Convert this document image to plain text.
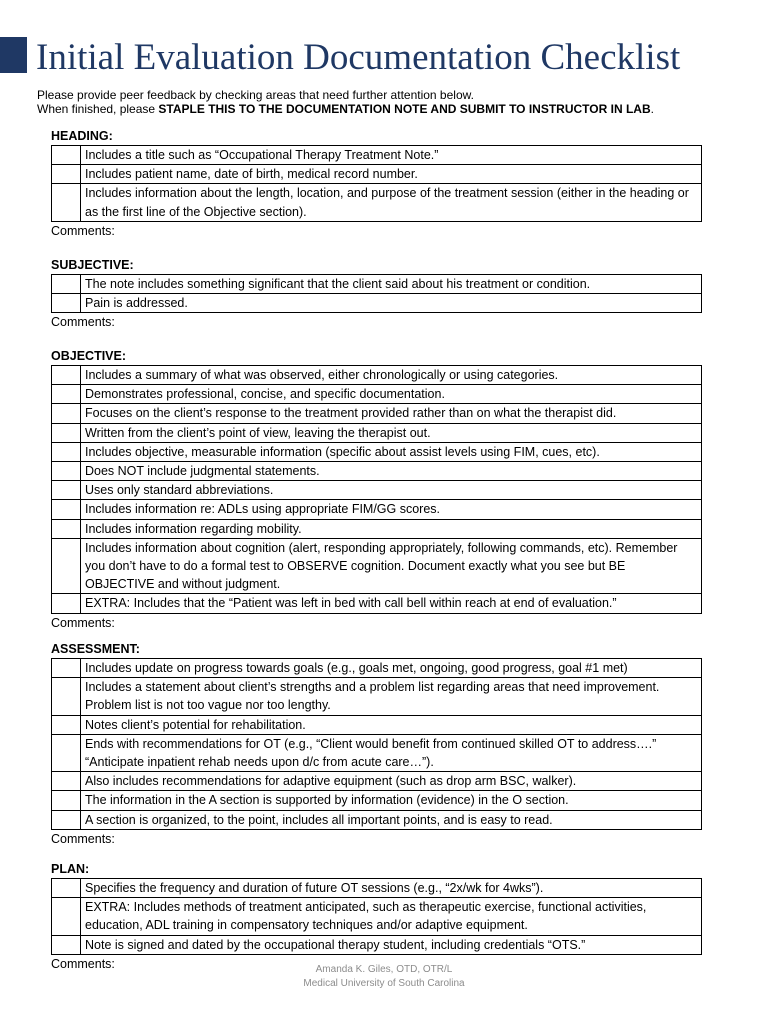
Initial Evaluation Documentation Checklist
Please provide peer feedback by checking areas that need further attention below.
When finished, please STAPLE THIS TO THE DOCUMENTATION NOTE AND SUBMIT TO INSTRUCTOR IN LAB.
HEADING:
	Includes a title such as “Occupational Therapy Treatment Note.”
	Includes patient name, date of birth, medical record number.
	Includes information about the length, location, and purpose of the treatment session (either in the heading or as the first line of the Objective section).
Comments:
SUBJECTIVE:
	The note includes something significant that the client said about his treatment or condition.
	Pain is addressed.
Comments:
OBJECTIVE:
	Includes a summary of what was observed, either chronologically or using categories.
	Demonstrates professional, concise, and specific documentation.
	Focuses on the client’s response to the treatment provided rather than on what the therapist did.
	Written from the client’s point of view, leaving the therapist out.
	Includes objective, measurable information (specific about assist levels using FIM, cues, etc).
	Does NOT include judgmental statements.
	Uses only standard abbreviations.
	Includes information re: ADLs using appropriate FIM/GG scores.
	Includes information regarding mobility.
	Includes information about cognition (alert, responding appropriately, following commands, etc). Remember you don’t have to do a formal test to OBSERVE cognition. Document exactly what you see but BE OBJECTIVE and without judgment.
	EXTRA: Includes that the “Patient was left in bed with call bell within reach at end of evaluation.”
Comments:
ASSESSMENT:
	Includes update on progress towards goals (e.g., goals met, ongoing, good progress, goal #1 met)
	Includes a statement about client’s strengths and a problem list regarding areas that need improvement. Problem list is not too vague nor too lengthy.
	Notes client’s potential for rehabilitation.
	Ends with recommendations for OT (e.g., “Client would benefit from continued skilled OT to address….” “Anticipate inpatient rehab needs upon d/c from acute care…”).
	Also includes recommendations for adaptive equipment (such as drop arm BSC, walker).
	The information in the A section is supported by information (evidence) in the O section.
	A section is organized, to the point, includes all important points, and is easy to read.
Comments:
PLAN:
	Specifies the frequency and duration of future OT sessions (e.g., “2x/wk for 4wks”).
	EXTRA: Includes methods of treatment anticipated, such as therapeutic exercise, functional activities, education, ADL training in compensatory techniques and/or adaptive equipment.
	Note is signed and dated by the occupational therapy student, including credentials “OTS.”
Comments:	Amanda K. Giles, OTD, OTR/L
Medical University of South Carolina
